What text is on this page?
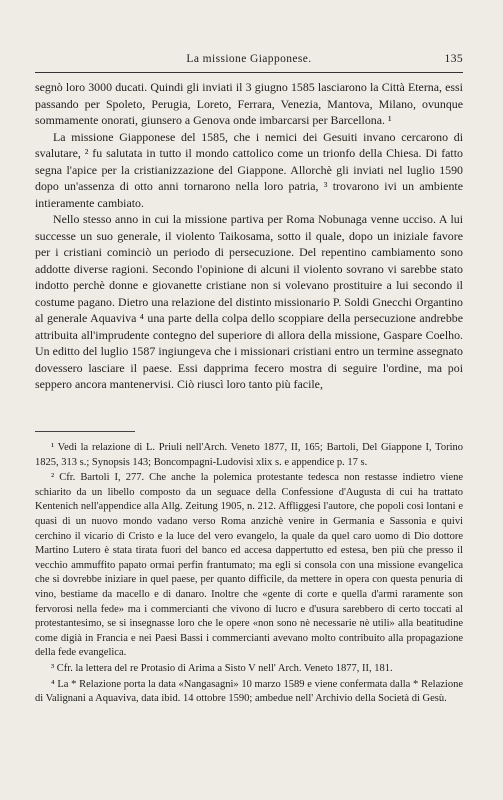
La missione Giapponese.	135

segnò loro 3000 ducati. Quindi gli inviati il 3 giugno 1585 lasciarono la Città Eterna, essi passando per Spoleto, Perugia, Loreto, Ferrara, Venezia, Mantova, Milano, ovunque sommamente onorati, giunsero a Genova onde imbarcarsi per Barcellona. ¹

La missione Giapponese del 1585, che i nemici dei Gesuiti invano cercarono di svalutare, ² fu salutata in tutto il mondo cattolico come un trionfo della Chiesa. Di fatto segna l'apice per la cristianizzazione del Giappone. Allorchè gli inviati nel luglio 1590 dopo un'assenza di otto anni tornarono nella loro patria, ³ trovarono ivi un ambiente intieramente cambiato.

Nello stesso anno in cui la missione partiva per Roma Nobunaga venne ucciso. A lui successe un suo generale, il violento Taikosama, sotto il quale, dopo un iniziale favore per i cristiani cominciò un periodo di persecuzione. Del repentino cambiamento sono addotte diverse ragioni. Secondo l'opinione di alcuni il violento sovrano vi sarebbe stato indotto perchè donne e giovanette cristiane non si volevano prostituire a lui secondo il costume pagano. Dietro una relazione del distinto missionario P. Soldi Gnecchi Organtino al generale Aquaviva ⁴ una parte della colpa dello scoppiare della persecuzione andrebbe attribuita all'imprudente contegno del superiore di allora della missione, Gaspare Coelho. Un editto del luglio 1587 ingiungeva che i missionari cristiani entro un termine assegnato dovessero lasciare il paese. Essi dapprima fecero mostra di seguire l'ordine, ma poi seppero ancora mantenervisi. Ciò riuscì loro tanto più facile,

¹ Vedi la relazione di L. Priuli nell'Arch. Veneto 1877, II, 165; Bartoli, Del Giappone I, Torino 1825, 313 s.; Synopsis 143; Boncompagni-Ludovisi xlix s. e appendice p. 17 s.

² Cfr. Bartoli I, 277. Che anche la polemica protestante tedesca non restasse indietro viene schiarito da un libello composto da un seguace della Confessione d'Augusta di cui ha trattato Kentenich nell'appendice alla Allg. Zeitung 1905, n. 212. Affliggesi l'autore, che popoli così lontani e quasi di un nuovo mondo vadano verso Roma anzichè venire in Germania e Sassonia e quivi cerchino il vicario di Cristo e la luce del vero evangelo, la quale da quel caro uomo di Dio dottore Martino Lutero è stata tirata fuori del banco ed accesa dappertutto ed estesa, ben più che presso il vecchio ammuffito papato ormai perfin frantumato; ma egli si consola con una missione evangelica che si dovrebbe iniziare in quel paese, per quanto difficile, da mettere in opera con questa penuria di vino, bestiame da macello e di danaro. Inoltre che «gente di corte e quella d'armi raramente son fervorosi nella fede» ma i commercianti che vivono di lucro e d'usura sarebbero di certo toccati al protestantesimo, se si insegnasse loro che le opere «non sono nè necessarie nè utili» alla beatitudine come digià in Francia e nei Paesi Bassi i commercianti avevano molto contribuito alla propagazione della fede evangelica.

³ Cfr. la lettera del re Protasio di Arima a Sisto V nell' Arch. Veneto 1877, II, 181.

⁴ La * Relazione porta la data «Nangasagni» 10 marzo 1589 e viene confermata dalla * Relazione di Valignani a Aquaviva, data ibid. 14 ottobre 1590; ambedue nell' Archivio della Società di Gesù.
